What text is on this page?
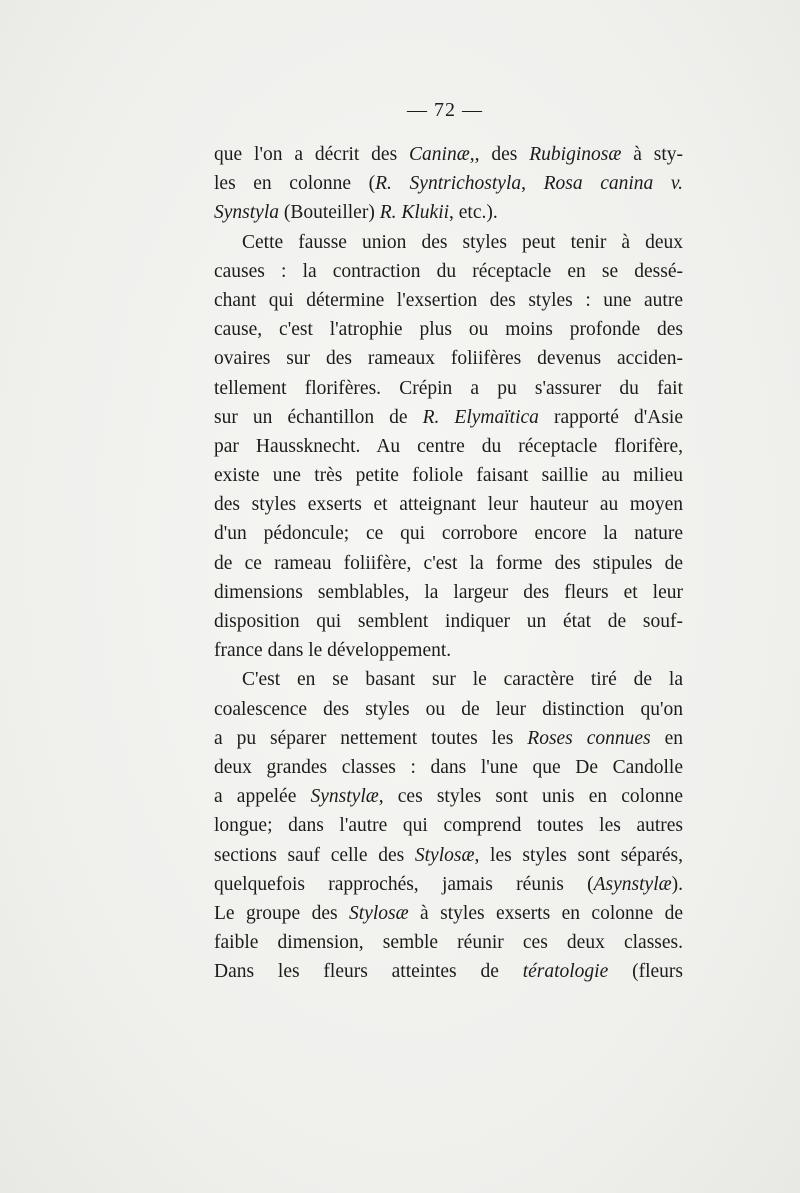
— 72 —
que l'on a décrit des Caninæ,, des Rubiginosæ à sty-
les en colonne (R. Syntrichostyla, Rosa canina v.
Synstyla (Bouteiller) R. Klukii, etc.).
Cette fausse union des styles peut tenir à deux
causes : la contraction du réceptacle en se dessé-
chant qui détermine l'exsertion des styles : une autre
cause, c'est l'atrophie plus ou moins profonde des
ovaires sur des rameaux foliifères devenus acciden-
tellement florifères. Crépin a pu s'assurer du fait
sur un échantillon de R. Elymaïtica rapporté d'Asie
par Haussknecht. Au centre du réceptacle florifère,
existe une très petite foliole faisant saillie au milieu
des styles exserts et atteignant leur hauteur au moyen
d'un pédoncule; ce qui corrobore encore la nature
de ce rameau foliifère, c'est la forme des stipules de
dimensions semblables, la largeur des fleurs et leur
disposition qui semblent indiquer un état de souf-
france dans le développement.
C'est en se basant sur le caractère tiré de la
coalescence des styles ou de leur distinction qu'on
a pu séparer nettement toutes les Roses connues en
deux grandes classes : dans l'une que De Candolle
a appelée Synstylæ, ces styles sont unis en colonne
longue; dans l'autre qui comprend toutes les autres
sections sauf celle des Stylosæ, les styles sont séparés,
quelquefois rapprochés, jamais réunis (Asynstylæ).
Le groupe des Stylosæ à styles exserts en colonne de
faible dimension, semble réunir ces deux classes.
Dans les fleurs atteintes de tératologie (fleurs
